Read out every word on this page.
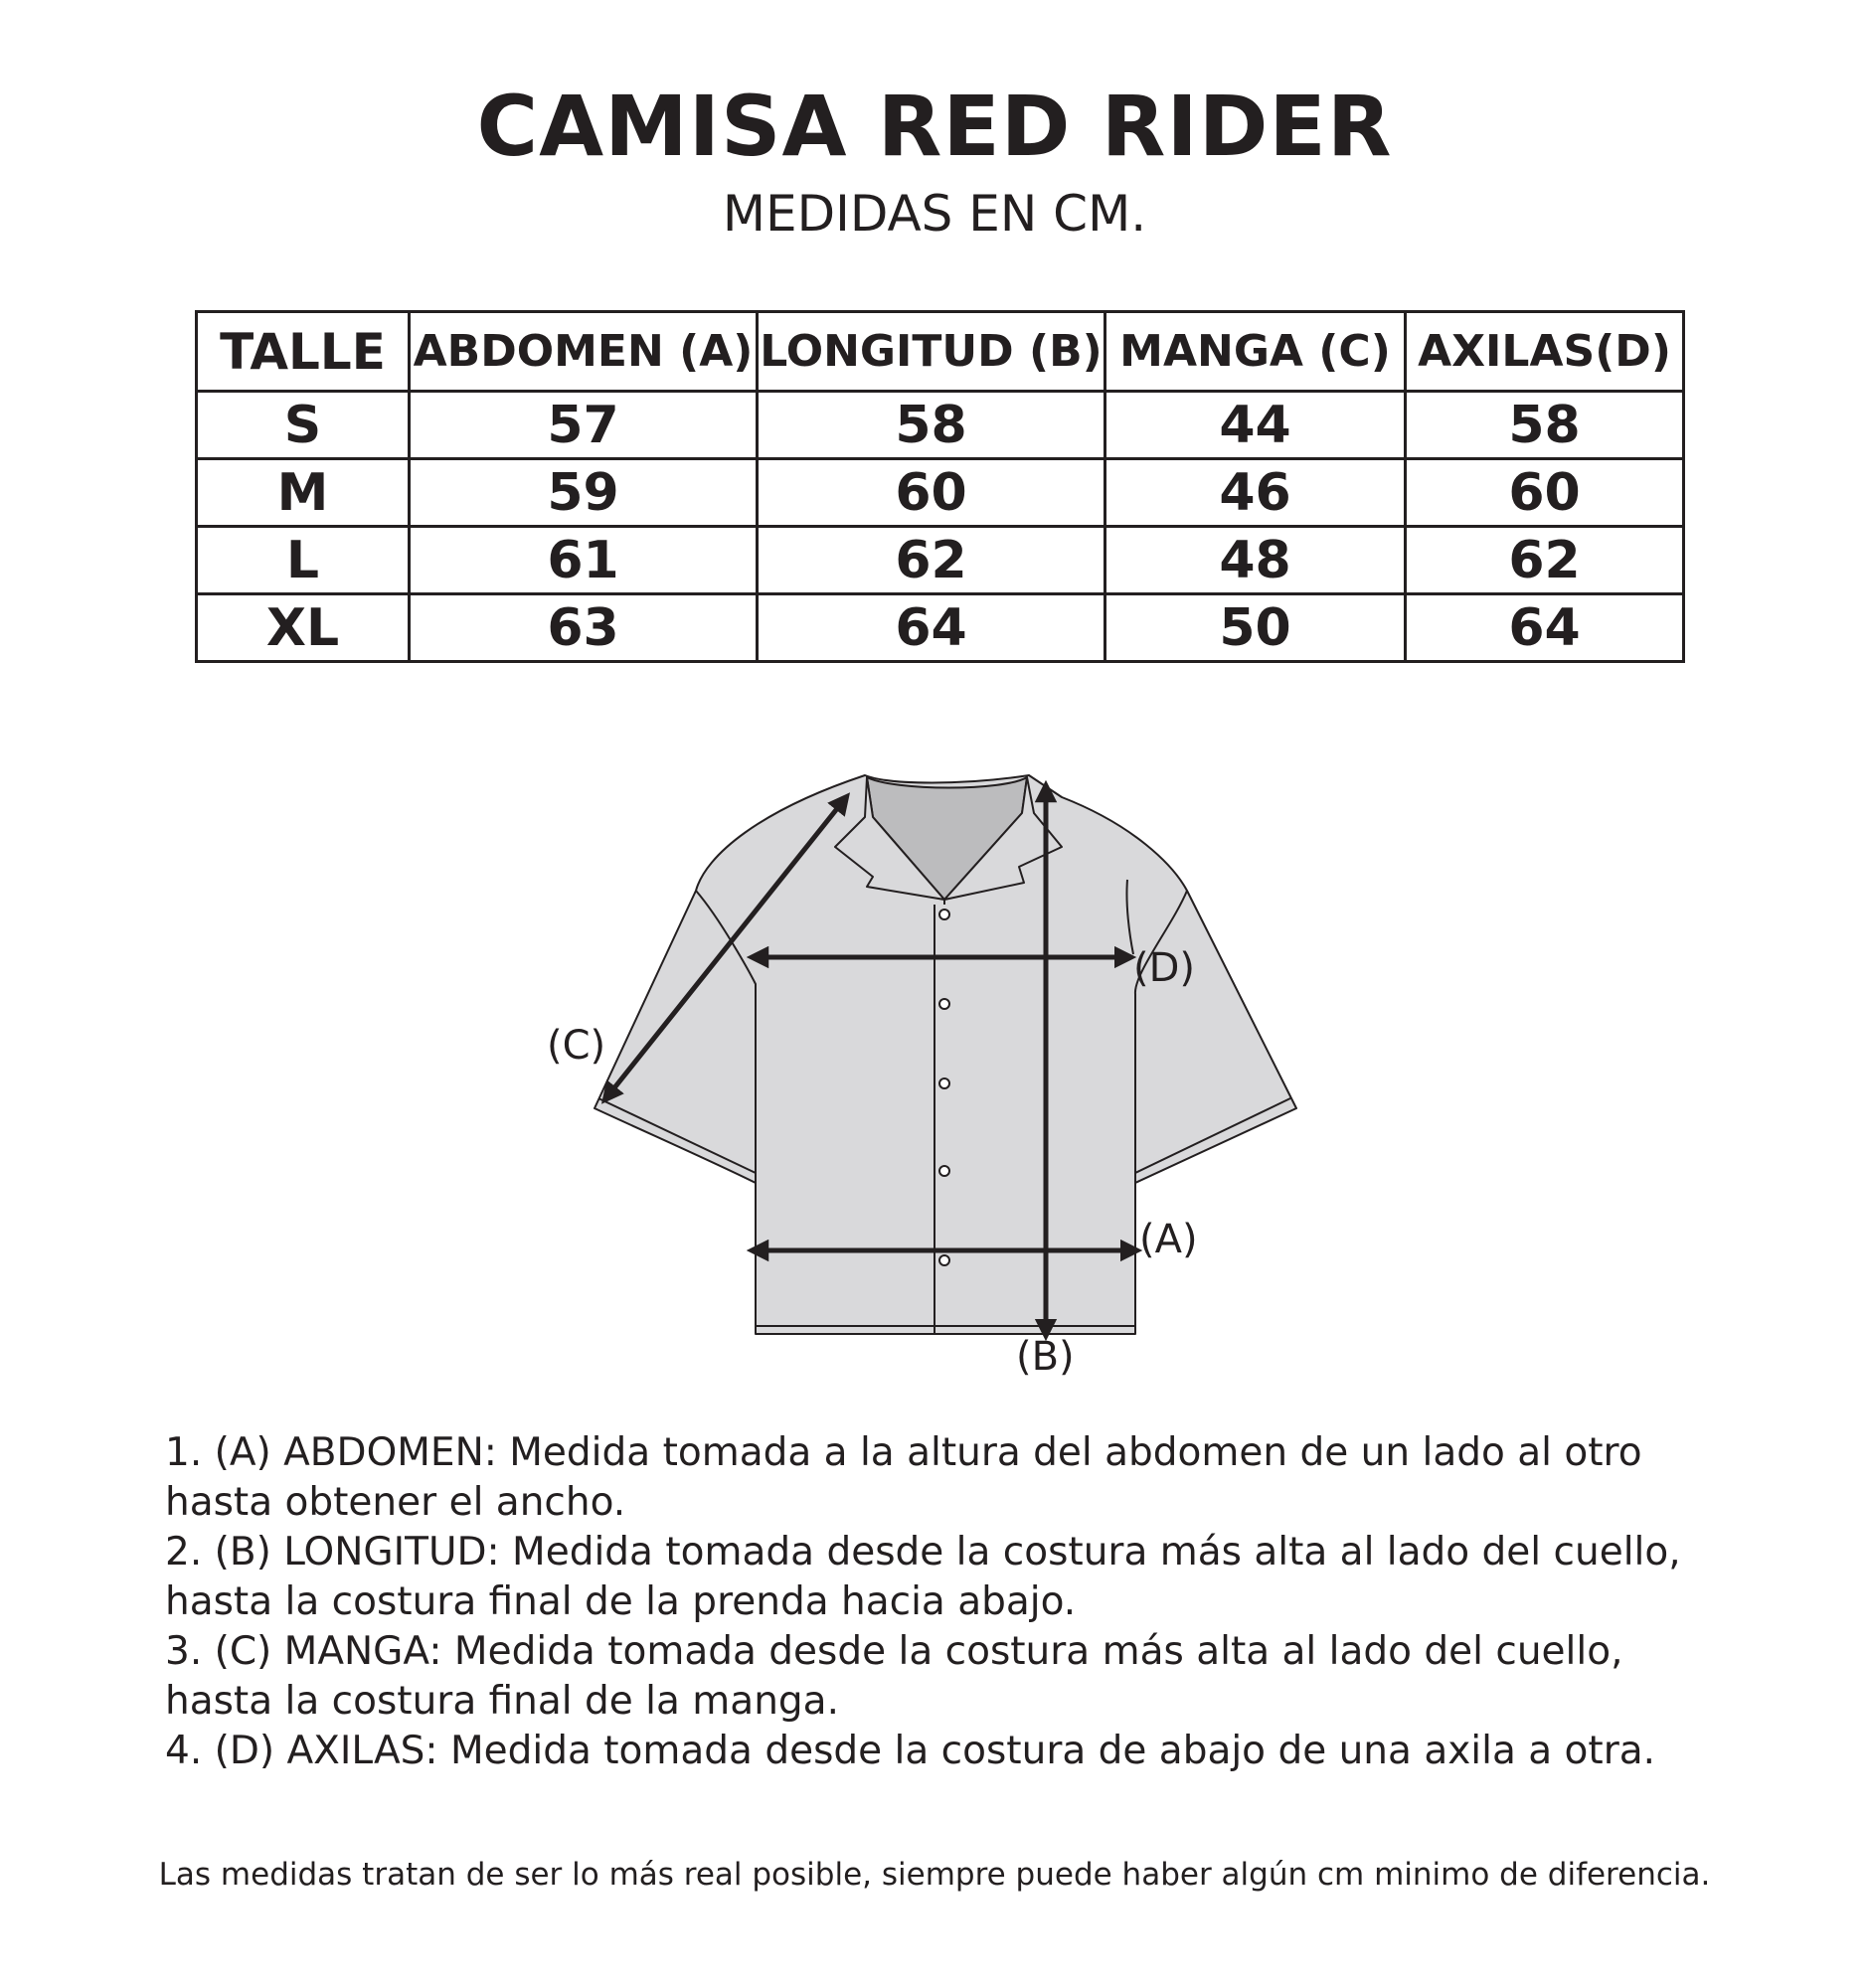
CAMISA RED RIDER
MEDIDAS EN CM.
TALLE	ABDOMEN (A)	LONGITUD (B)	MANGA (C)	AXILAS(D)
S	57	58	44	58
M	59	60	46	60
L	61	62	48	62
XL	63	64	50	64
(D)
(A)
(B)
(C)
1. (A) ABDOMEN: Medida tomada a la altura del abdomen de un lado al otro
hasta obtener el ancho.
2. (B) LONGITUD: Medida tomada desde la costura más alta al lado del cuello,
hasta la costura final de la prenda hacia abajo.
3. (C) MANGA: Medida tomada desde la costura más alta al lado del cuello,
hasta la costura final de la manga.
4. (D) AXILAS: Medida tomada desde la costura de abajo de una axila a otra.
Las medidas tratan de ser lo más real posible, siempre puede haber algún cm minimo de diferencia.
